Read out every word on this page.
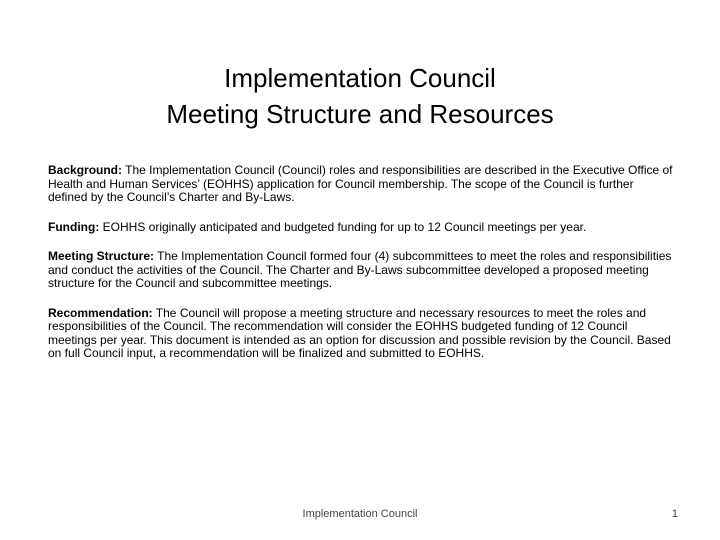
Implementation Council
Meeting Structure and Resources

Background: The Implementation Council (Council) roles and responsibilities are described in the Executive Office of Health and Human Services’ (EOHHS) application for Council membership. The scope of the Council is further defined by the Council’s Charter and By-Laws.

Funding: EOHHS originally anticipated and budgeted funding for up to 12 Council meetings per year.

Meeting Structure: The Implementation Council formed four (4) subcommittees to meet the roles and responsibilities and conduct the activities of the Council. The Charter and By-Laws subcommittee developed a proposed meeting structure for the Council and subcommittee meetings.

Recommendation: The Council will propose a meeting structure and necessary resources to meet the roles and responsibilities of the Council. The recommendation will consider the EOHHS budgeted funding of 12 Council meetings per year. This document is intended as an option for discussion and possible revision by the Council. Based on full Council input, a recommendation will be finalized and submitted to EOHHS.

Implementation Council	1
